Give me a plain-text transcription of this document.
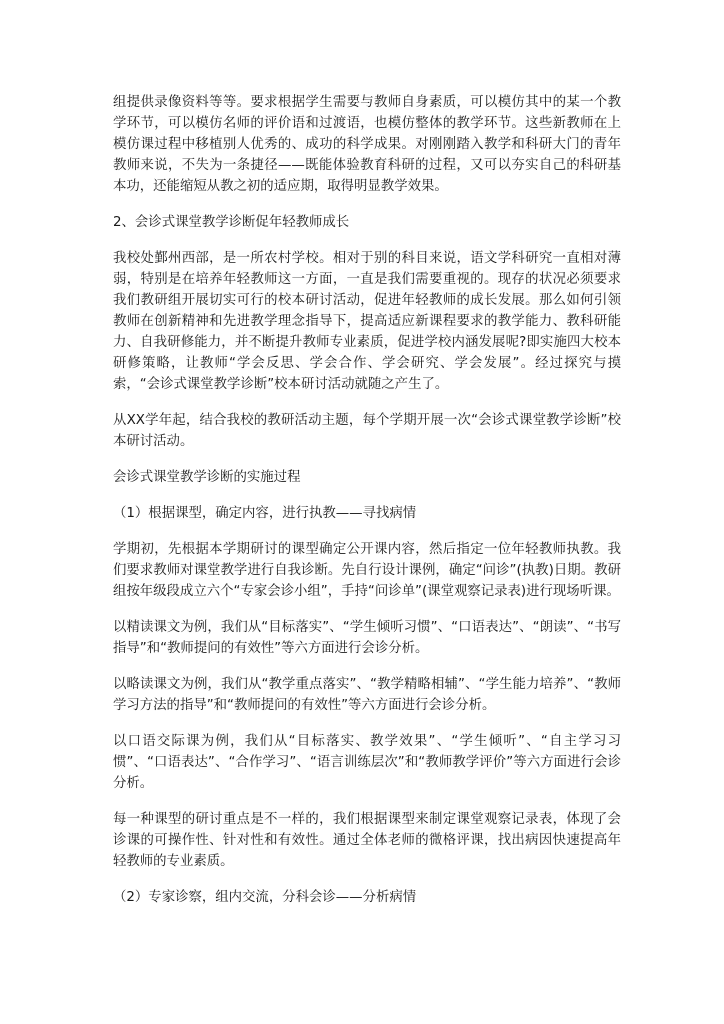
组提供录像资料等等。要求根据学生需要与教师自身素质，可以模仿其中的某一个教学环节，可以模仿名师的评价语和过渡语，也模仿整体的教学环节。这些新教师在上模仿课过程中移植别人优秀的、成功的科学成果。对刚刚踏入教学和科研大门的青年教师来说，不失为一条捷径——既能体验教育科研的过程，又可以夯实自己的科研基本功，还能缩短从教之初的适应期，取得明显教学效果。

2、会诊式课堂教学诊断促年轻教师成长

我校处鄞州西部，是一所农村学校。相对于别的科目来说，语文学科研究一直相对薄弱，特别是在培养年轻教师这一方面，一直是我们需要重视的。现存的状况必须要求我们教研组开展切实可行的校本研讨活动，促进年轻教师的成长发展。那么如何引领教师在创新精神和先进教学理念指导下，提高适应新课程要求的教学能力、教科研能力、自我研修能力，并不断提升教师专业素质，促进学校内涵发展呢?即实施四大校本研修策略，让教师“学会反思、学会合作、学会研究、学会发展”。经过探究与摸索，“会诊式课堂教学诊断”校本研讨活动就随之产生了。

从XX学年起，结合我校的教研活动主题，每个学期开展一次“会诊式课堂教学诊断”校本研讨活动。

会诊式课堂教学诊断的实施过程

（1）根据课型，确定内容，进行执教——寻找病情

学期初，先根据本学期研讨的课型确定公开课内容，然后指定一位年轻教师执教。我们要求教师对课堂教学进行自我诊断。先自行设计课例，确定“问诊”(执教)日期。教研组按年级段成立六个“专家会诊小组”，手持“问诊单”(课堂观察记录表)进行现场听课。

以精读课文为例，我们从“目标落实”、“学生倾听习惯”、“口语表达”、“朗读”、“书写指导”和“教师提问的有效性”等六方面进行会诊分析。

以略读课文为例，我们从“教学重点落实”、“教学精略相辅”、“学生能力培养”、“教师学习方法的指导”和“教师提问的有效性”等六方面进行会诊分析。

以口语交际课为例，我们从“目标落实、教学效果”、“学生倾听”、“自主学习习惯”、“口语表达”、“合作学习”、“语言训练层次”和“教师教学评价”等六方面进行会诊分析。

每一种课型的研讨重点是不一样的，我们根据课型来制定课堂观察记录表，体现了会诊课的可操作性、针对性和有效性。通过全体老师的微格评课，找出病因快速提高年轻教师的专业素质。

（2）专家诊察，组内交流，分科会诊——分析病情
